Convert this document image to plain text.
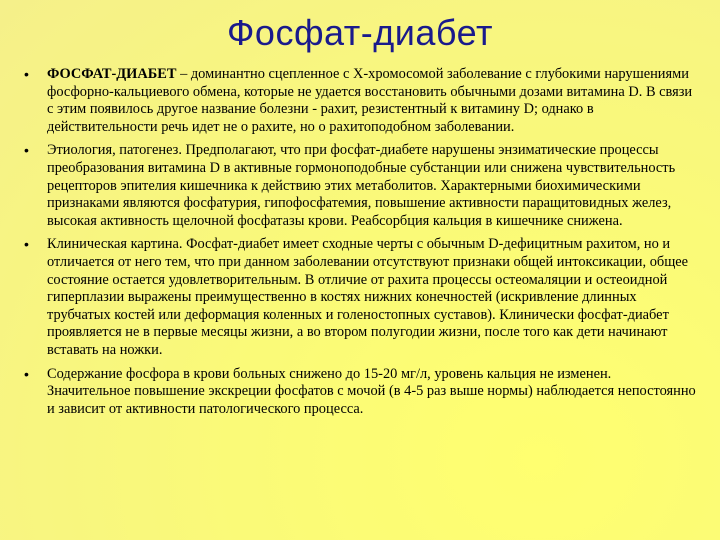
Фосфат-диабет
• ФОСФАТ-ДИАБЕТ – доминантно сцепленное с Х-хромосомой заболевание с глубокими нарушениями фосфорно-кальциевого обмена, которые не удается восстановить обычными дозами витамина D. В связи с этим появилось другое название болезни - рахит, резистентный к витамину D; однако в действительности речь идет не о рахите, но о рахитоподобном заболевании.
• Этиология, патогенез. Предполагают, что при фосфат-диабете нарушены энзиматические процессы преобразования витамина D в активные гормоноподобные субстанции или снижена чувствительность рецепторов эпителия кишечника к действию этих метаболитов. Характерными биохимическими признаками являются фосфатурия, гипофосфатемия, повышение активности паращитовидных желез, высокая активность щелочной фосфатазы крови. Реабсорбция кальция в кишечнике снижена.
• Клиническая картина. Фосфат-диабет имеет сходные черты с обычным D-дефицитным рахитом, но и отличается от него тем, что при данном заболевании отсутствуют признаки общей интоксикации, общее состояние остается удовлетворительным. В отличие от рахита процессы остеомаляции и остеоидной гиперплазии выражены преимущественно в костях нижних конечностей (искривление длинных трубчатых костей или деформация коленных и голеностопных суставов). Клинически фосфат-диабет проявляется не в первые месяцы жизни, а во втором полугодии жизни, после того как дети начинают вставать на ножки.
• Содержание фосфора в крови больных снижено до 15-20 мг/л, уровень кальция не изменен. Значительное повышение экскреции фосфатов с мочой (в 4-5 раз выше нормы) наблюдается непостоянно и зависит от активности патологического процесса.
